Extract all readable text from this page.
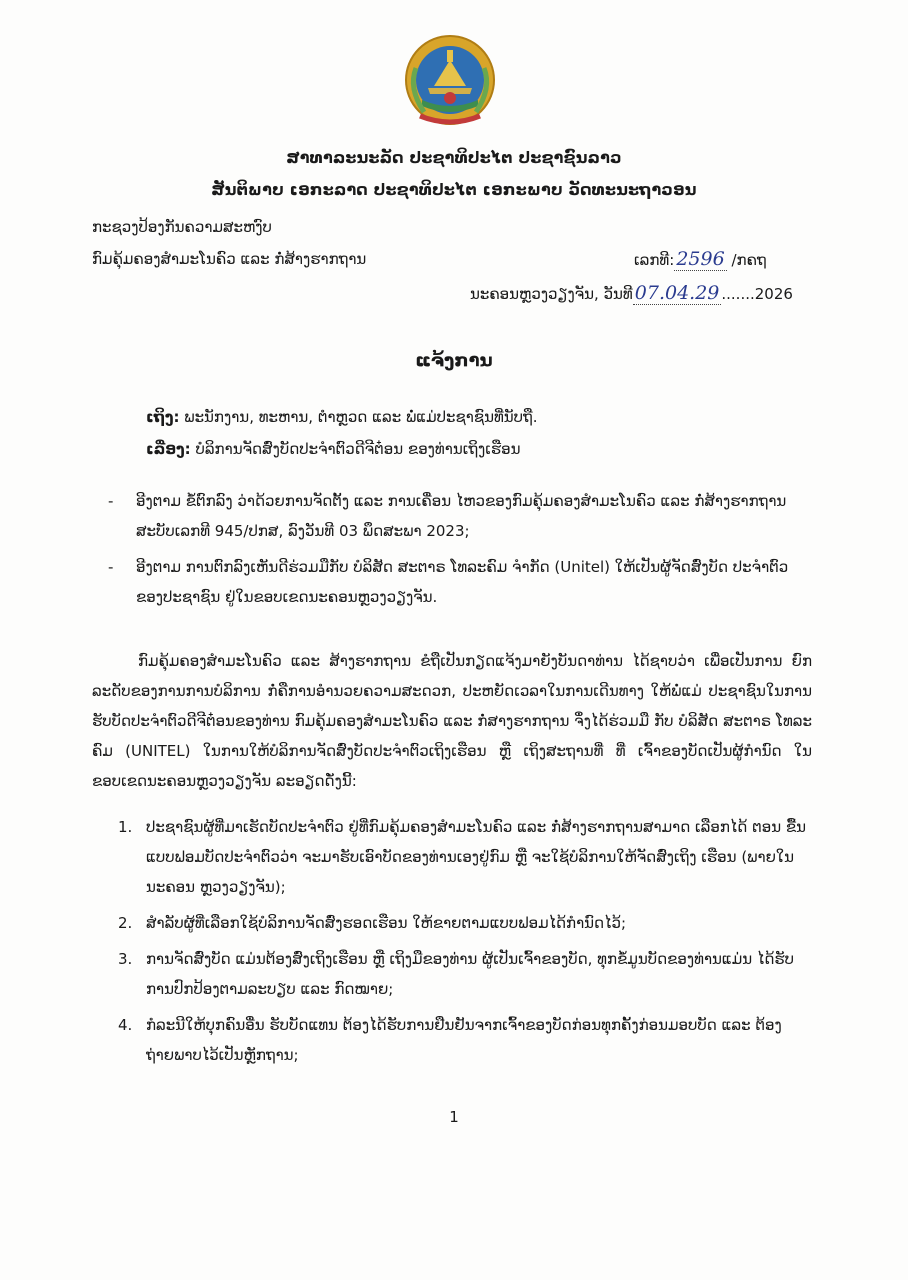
ສາທາລະນະລັດ ປະຊາທິປະໄຕ ປະຊາຊົນລາວ
ສັນຕິພາບ ເອກະລາດ ປະຊາທິປະໄຕ ເອກະພາບ ວັດທະນະຖາວອນ
ກະຊວງປ້ອງກັນຄວາມສະຫງົບ
ກົມຄຸ້ມຄອງສຳມະໂນຄົວ ແລະ ກໍ່ສ້າງຮາກຖານ	ເລກທີ: 2596 /ກຄຖ
ນະຄອນຫຼວງວຽງຈັນ, ວັນທີ 07.04.29 .......2026
ແຈ້ງການ
ເຖິງ: ພະນັກງານ, ທະຫານ, ຕຳຫຼວດ ແລະ ພໍ່ແມ່ປະຊາຊົນທີ່ນັບຖື.
ເລື່ອງ: ບໍລິການຈັດສົ່ງບັດປະຈຳຕົວດີຈີຕ໋ອນ ຂອງທ່ານເຖິງເຮືອນ
- ອີງຕາມ ຂໍ້ຕົກລົງ ວ່າດ້ວຍການຈັດຕັ້ງ ແລະ ການເຄື່ອນ ໄຫວຂອງກົມຄຸ້ມຄອງສຳມະໂນຄົວ ແລະ ກໍ່ສ້າງຮາກຖານ ສະບັບເລກທີ 945/ປກສ, ລົງວັນທີ 03 ພຶດສະພາ 2023;
- ອີງຕາມ ການຕົກລົງເຫັນດີຮ່ວມມືກັບ ບໍລິສັດ ສະຕາຣ ໂທລະຄົມ ຈຳກັດ (Unitel) ໃຫ້ເປັນຜູ້ຈັດສົ່ງບັດ ປະຈຳຕົວຂອງປະຊາຊົນ ຢູ່ໃນຂອບເຂດນະຄອນຫຼວງວຽງຈັນ.

ກົມຄຸ້ມຄອງສຳມະໂນຄົວ ແລະ ສ້າງຮາກຖານ ຂໍຖືເປັນກຽດແຈ້ງມາຍັງບັນດາທ່ານ ໄດ້ຊາບວ່າ ເພື່ອເປັນການ ຍົກລະດັບຂອງການການບໍລິການ ກໍ່ຄືການອຳນວຍຄວາມສະດວກ, ປະຫຍັດເວລາໃນການເດີນທາງ ໃຫ້ພໍ່ແມ່ ປະຊາຊົນໃນການຮັບບັດປະຈຳຕົວດີຈີຕ໋ອນຂອງທ່ານ ກົມຄຸ້ມຄອງສຳມະໂນຄົວ ແລະ ກໍ່ສາງຮາກຖານ ຈຶ່ງໄດ້ຮ່ວມມື ກັບ ບໍລິສັດ ສະຕາຣ ໂທລະຄົມ (UNITEL) ໃນການໃຫ້ບໍລິການຈັດສົ່ງບັດປະຈຳຕົວເຖິງເຮືອນ ຫຼື ເຖິງສະຖານທີ່ ທີ່ ເຈົ້າຂອງບັດເປັນຜູ້ກຳນົດ ໃນຂອບເຂດນະຄອນຫຼວງວຽງຈັນ ລະອຽດດັ່ງນີ້:

1. ປະຊາຊົນຜູ້ທີ່ມາເຮັດບັດປະຈຳຕົວ ຢູ່ທີ່ກົມຄຸ້ມຄອງສຳມະໂນຄົວ ແລະ ກໍ່ສ້າງຮາກຖານສາມາດ ເລືອກໄດ້ ຕອນ ຂື້ນແບບຟອມບັດປະຈຳຕົວວ່າ ຈະມາຮັບເອົາບັດຂອງທ່ານເອງຢູ່ກົມ ຫຼື ຈະໃຊ້ບໍລິການໃຫ້ຈັດສົ່ງເຖິງ ເຮືອນ (ພາຍໃນ ນະຄອນ ຫຼວງວຽງຈັນ);
2. ສຳລັບຜູ້ທີ່ເລືອກໃຊ້ບໍລິການຈັດສົ່ງຮອດເຮືອນ ໃຫ້ຂາຍຕາມແບບຟອມໄດ້ກຳນົດໄວ້;
3. ການຈັດສົ່ງບັດ ແມ່ນຕ້ອງສົ່ງເຖິງເຮືອນ ຫຼື ເຖິງມືຂອງທ່ານ ຜູ້ເປັນເຈົ້າຂອງບັດ, ທຸກຂໍ້ມູນບັດຂອງທ່ານແມ່ນ ໄດ້ຮັບການປົກປ້ອງຕາມລະບຽບ ແລະ ກົດໝາຍ;
4. ກໍລະນີໃຫ້ບຸກຄົນອື່ນ ຮັບບັດແທນ ຕ້ອງໄດ້ຮັບການຢືນຢັນຈາກເຈົ້າຂອງບັດກ່ອນທຸກຄັ້ງກ່ອນມອບບັດ ແລະ ຕ້ອງຖ່າຍພາບໄວ້ເປັນຫຼັກຖານ;
1
